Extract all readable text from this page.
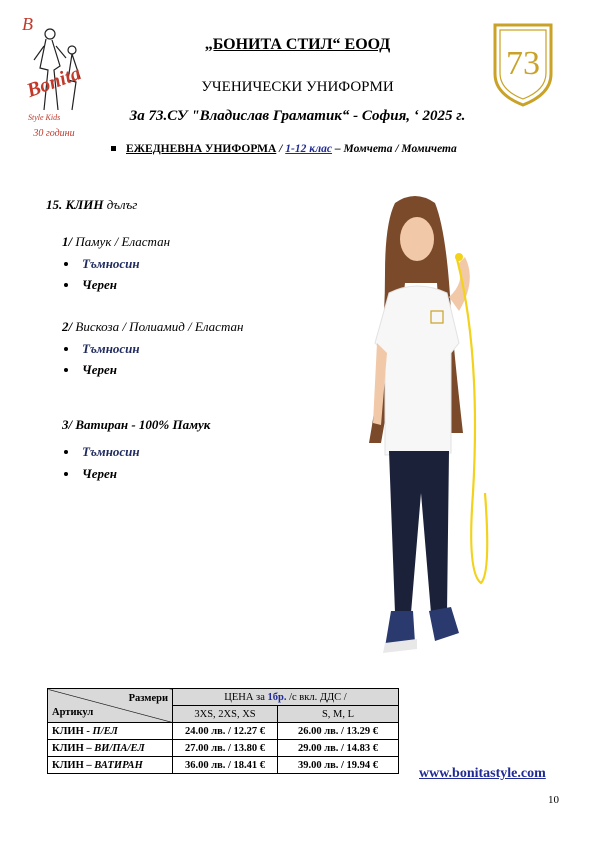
B
Bonita
Style Kids
30 години
73
„БОНИТА СТИЛ“ ЕООД
УЧЕНИЧЕСКИ УНИФОРМИ
За 73.СУ "Владислав Граматик“ - София, ‘ 2025 г.
ЕЖЕДНЕВНА УНИФОРМА / 1-12 клас – Момчета / Момичета
15. КЛИН дълъг
1/ Памук / Еластан
Тъмносин
Черен
2/ Вискоза / Полиамид / Еластан
Тъмносин
Черен
3/ Ватиран - 100% Памук
Тъмносин
Черен
Размери
Артикул	ЦЕНА за 1бр. /с вкл. ДДС /	
	3XS, 2XS, XS	S, M, L
КЛИН - П/ЕЛ	24.00 лв. / 12.27 €	26.00 лв. / 13.29 €
КЛИН – ВИ/ПА/ЕЛ	27.00 лв. / 13.80 €	29.00 лв. / 14.83 €
КЛИН – ВАТИРАН	36.00 лв. / 18.41 €	39.00 лв. / 19.94 €
www.bonitastyle.com
10
